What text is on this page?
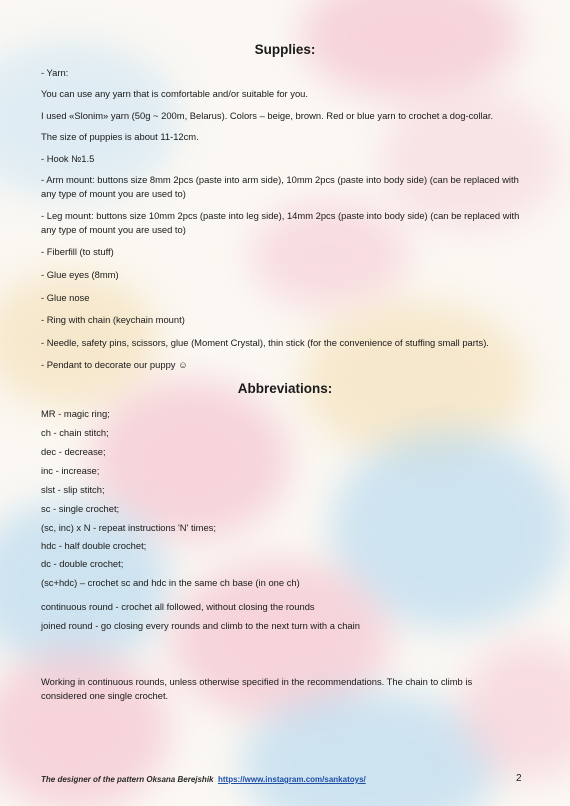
Supplies:
- Yarn:
You can use any yarn that is comfortable and/or suitable for you.
I used «Slonim» yarn (50g ~ 200m, Belarus). Colors – beige, brown. Red or blue yarn to crochet a dog-collar.
The size of puppies is about 11-12cm.
- Hook №1.5
- Arm mount: buttons size 8mm 2pcs (paste into arm side), 10mm 2pcs (paste into body side) (can be replaced with any type of mount you are used to)
- Leg mount: buttons size 10mm 2pcs (paste into leg side), 14mm 2pcs (paste into body side) (can be replaced with any type of mount you are used to)
- Fiberfill (to stuff)
- Glue eyes (8mm)
- Glue nose
- Ring with chain (keychain mount)
- Needle, safety pins, scissors, glue (Moment Crystal), thin stick (for the convenience of stuffing small parts).
- Pendant to decorate our puppy ☺
Abbreviations:
MR - magic ring;
ch - chain stitch;
dec - decrease;
inc - increase;
slst - slip stitch;
sc - single crochet;
(sc, inc) x N - repeat instructions 'N' times;
hdc - half double crochet;
dc - double crochet;
(sc+hdc) – crochet sc and hdc in the same ch base (in one ch)
continuous round - crochet all followed, without closing the rounds
joined round - go closing every rounds and climb to the next turn with a chain
Working in continuous rounds, unless otherwise specified in the recommendations. The chain to climb is considered one single crochet.
The designer of the pattern Oksana Berejshik https://www.instagram.com/sankatoys/	2
